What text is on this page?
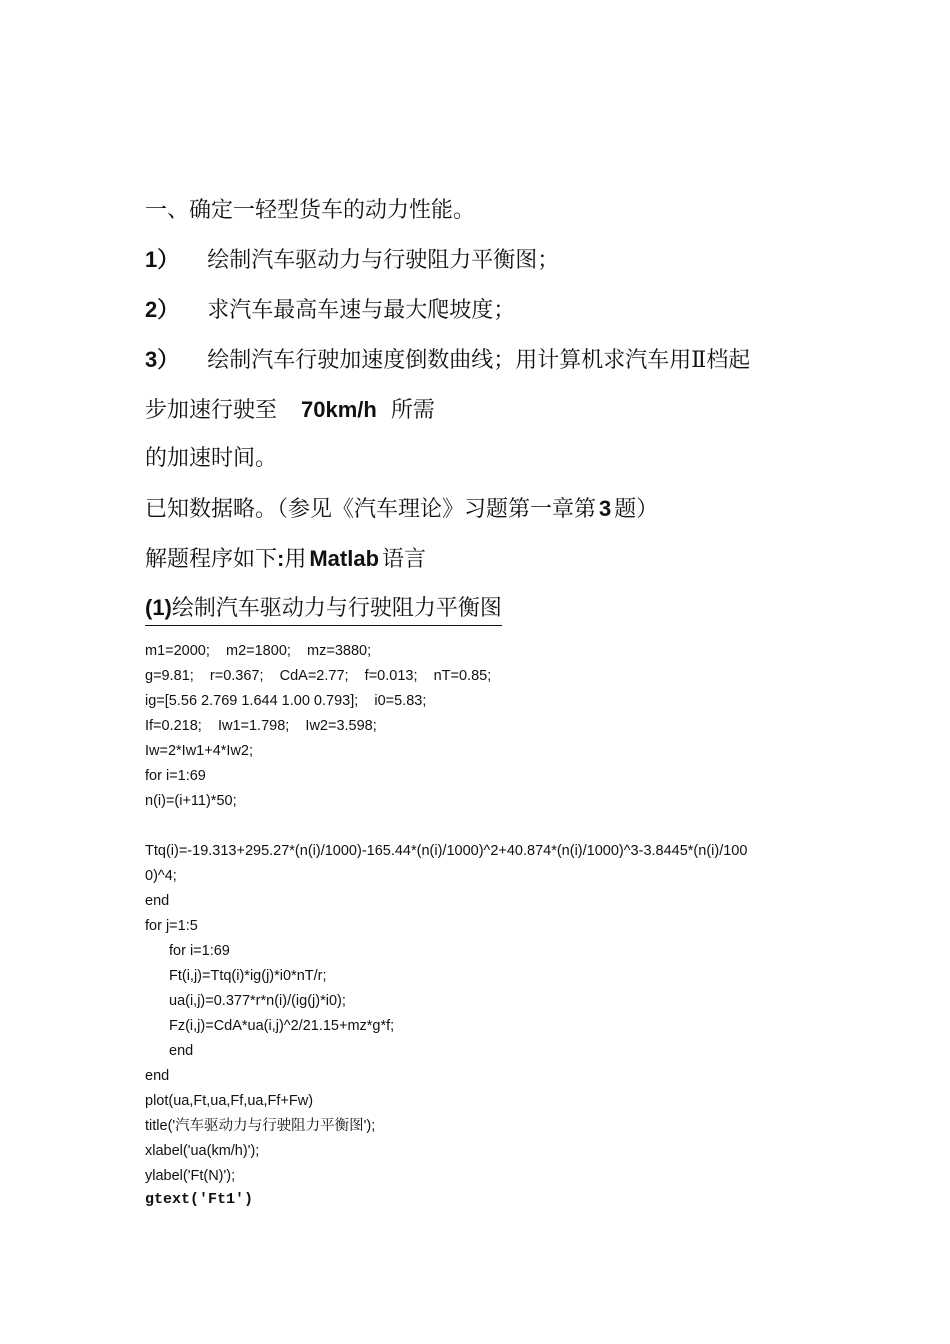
一、确定一轻型货车的动力性能。
1） 绘制汽车驱动力与行驶阻力平衡图；
2） 求汽车最高车速与最大爬坡度；
3） 绘制汽车行驶加速度倒数曲线；用计算机求汽车用Ⅱ档起
步加速行驶至 70km/h 所需
的加速时间。
已知数据略。（参见《汽车理论》习题第一章第 3 题）
解题程序如下:用 Matlab 语言
(1)绘制汽车驱动力与行驶阻力平衡图
m1=2000;    m2=1800;    mz=3880;
g=9.81;    r=0.367;    CdA=2.77;    f=0.013;    nT=0.85;
ig=[5.56 2.769 1.644 1.00 0.793];    i0=5.83;
If=0.218;    Iw1=1.798;    Iw2=3.598;
Iw=2*Iw1+4*Iw2;
for i=1:69
n(i)=(i+11)*50;
Ttq(i)=-19.313+295.27*(n(i)/1000)-165.44*(n(i)/1000)^2+40.874*(n(i)/1000)^3-3.8445*(n(i)/100
0)^4;
end
for j=1:5
for i=1:69
Ft(i,j)=Ttq(i)*ig(j)*i0*nT/r;
ua(i,j)=0.377*r*n(i)/(ig(j)*i0);
Fz(i,j)=CdA*ua(i,j)^2/21.15+mz*g*f;
end
end
plot(ua,Ft,ua,Ff,ua,Ff+Fw)
title('汽车驱动力与行驶阻力平衡图');
xlabel('ua(km/h)');
ylabel('Ft(N)');
gtext('Ft1')
